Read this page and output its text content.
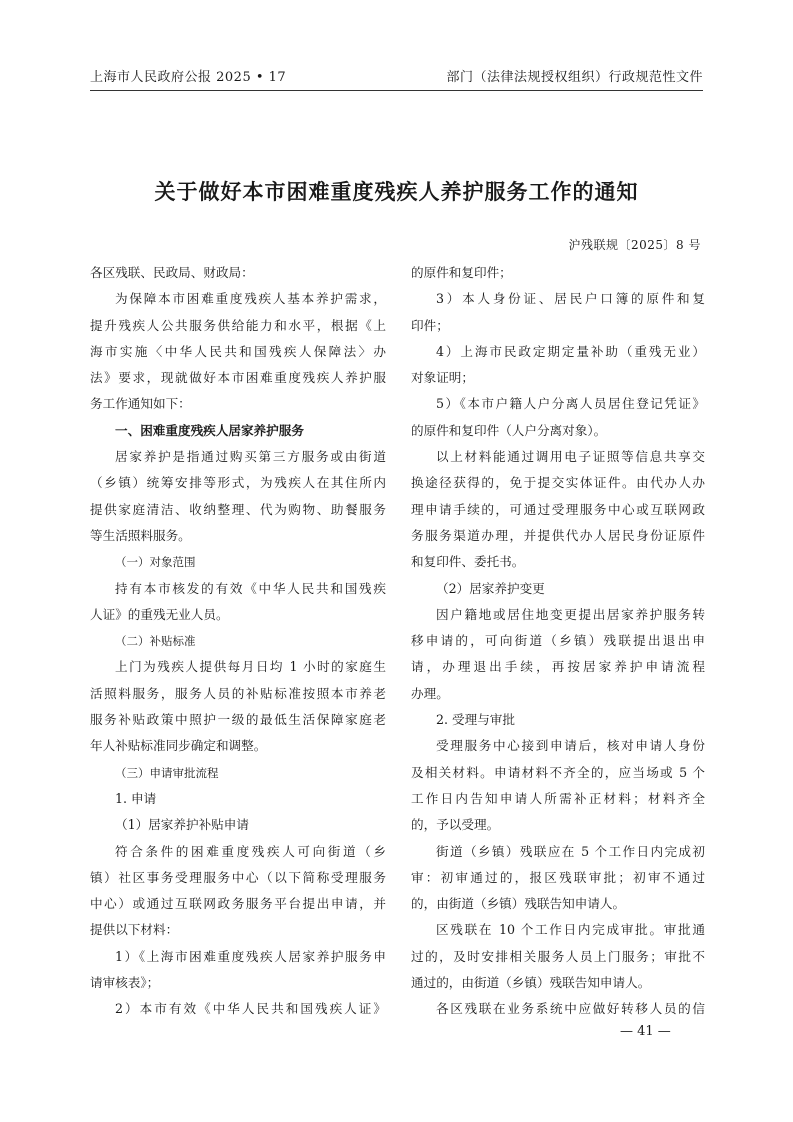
上海市人民政府公报 2025 • 17	部门（法律法规授权组织）行政规范性文件
关于做好本市困难重度残疾人养护服务工作的通知
沪残联规〔2025〕8 号
各区残联、民政局、财政局：
为保障本市困难重度残疾人基本养护需求，
提升残疾人公共服务供给能力和水平，根据《上
海市实施〈中华人民共和国残疾人保障法〉办
法》要求，现就做好本市困难重度残疾人养护服
务工作通知如下：
一、困难重度残疾人居家养护服务
居家养护是指通过购买第三方服务或由街道
（乡镇）统筹安排等形式，为残疾人在其住所内
提供家庭清洁、收纳整理、代为购物、助餐服务
等生活照料服务。
（一）对象范围
持有本市核发的有效《中华人民共和国残疾
人证》的重残无业人员。
（二）补贴标准
上门为残疾人提供每月日均 1 小时的家庭生
活照料服务，服务人员的补贴标准按照本市养老
服务补贴政策中照护一级的最低生活保障家庭老
年人补贴标准同步确定和调整。
（三）申请审批流程
1. 申请
（1）居家养护补贴申请
符合条件的困难重度残疾人可向街道（乡
镇）社区事务受理服务中心（以下简称受理服务
中心）或通过互联网政务服务平台提出申请，并
提供以下材料：
1）《上海市困难重度残疾人居家养护服务申
请审核表》；
2）本市有效《中华人民共和国残疾人证》
的原件和复印件；
3）本人身份证、居民户口簿的原件和复
印件；
4）上海市民政定期定量补助（重残无业）
对象证明；
5）《本市户籍人户分离人员居住登记凭证》
的原件和复印件（人户分离对象）。
以上材料能通过调用电子证照等信息共享交
换途径获得的，免于提交实体证件。由代办人办
理申请手续的，可通过受理服务中心或互联网政
务服务渠道办理，并提供代办人居民身份证原件
和复印件、委托书。
（2）居家养护变更
因户籍地或居住地变更提出居家养护服务转
移申请的，可向街道（乡镇）残联提出退出申
请，办理退出手续，再按居家养护申请流程
办理。
2. 受理与审批
受理服务中心接到申请后，核对申请人身份
及相关材料。申请材料不齐全的，应当场或 5 个
工作日内告知申请人所需补正材料；材料齐全
的，予以受理。
街道（乡镇）残联应在 5 个工作日内完成初
审：初审通过的，报区残联审批；初审不通过
的，由街道（乡镇）残联告知申请人。
区残联在 10 个工作日内完成审批。审批通
过的，及时安排相关服务人员上门服务；审批不
通过的，由街道（乡镇）残联告知申请人。
各区残联在业务系统中应做好转移人员的信
— 41 —
